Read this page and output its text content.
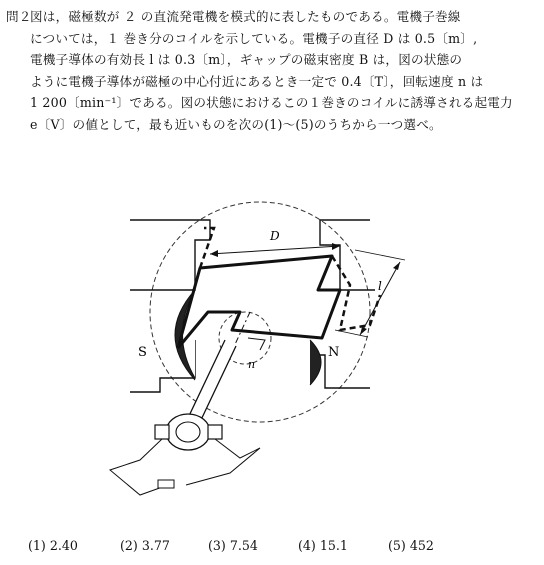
問２図は，磁極数が ２ の直流発電機を模式的に表したものである。電機子巻線
については，１ 巻き分のコイルを示している。電機子の直径 D は 0.5〔m〕,
電機子導体の有効長 l は 0.3〔m〕，ギャップの磁束密度 B は，図の状態の
ように電機子導体が磁極の中心付近にあるとき一定で 0.4〔T〕，回転速度 n は
1 200〔min⁻¹〕である。図の状態におけるこの１巻きのコイルに誘導される起電力
e〔V〕の値として，最も近いものを次の(1)～(5)のうちから一つ選べ。
D
l
n
S	N
(1) 2.40	(2) 3.77	(3) 7.54	(4) 15.1	(5) 452
